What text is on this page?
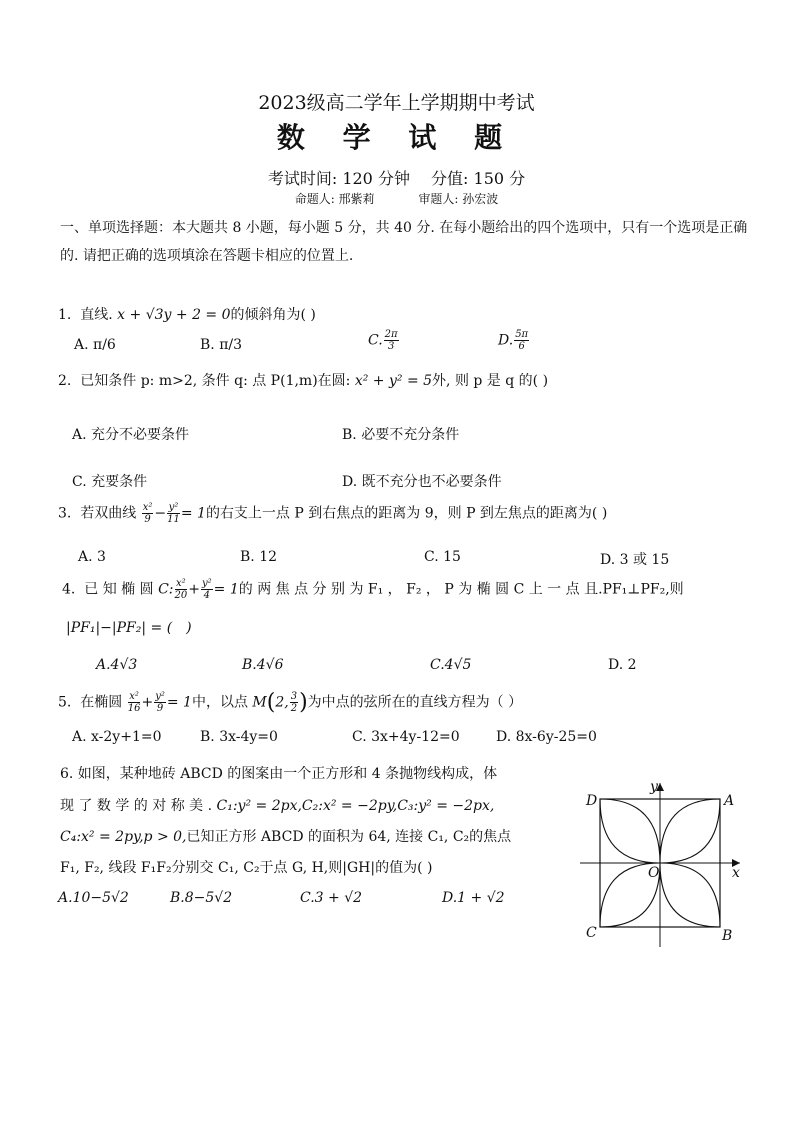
2023级高二学年上学期期中考试
数 学 试 题
考试时间: 120 分钟　 分值: 150 分
命题人: 邢紫莉	审题人: 孙宏波
一、单项选择题：本大题共 8 小题，每小题 5 分，共 40 分. 在每小题给出的四个选项中，只有一个选项是正确的. 请把正确的选项填涂在答题卡相应的位置上.
1. 直线. x + √3y + 2 = 0的倾斜角为( )
A. π/6	B. π/3	C. $\frac{2\pi}{3}$	D. $\frac{5\pi}{6}$
2. 已知条件 p: m>2, 条件 q: 点 P(1,m)在圆: x² + y² = 5外, 则 p 是 q 的( )
A. 充分不必要条件	B. 必要不充分条件
C. 充要条件	D. 既不充分也不必要条件
3. 若双曲线 $\frac{\text{x²}}{9} - \frac{\text{y²}}{11} = 1$的右支上一点 P 到右焦点的距离为 9，则 P 到左焦点的距离为( )
A. 3	B. 12	C. 15	D. 3 或 15
4. 已 知 椭 圆 C: $\frac{\text{x²}}{20} + \frac{\text{y²}}{4} = 1$的 两 焦 点 分 别 为 F₁ ， F₂ ， P 为 椭 圆 C 上 一 点 且.PF₁⊥PF₂,则
|PF₁|−|PF₂| = (　)
A.4√3	B.4√6	C.4√5	D. 2
5. 在椭圆 $\frac{\text{x²}}{16} + \frac{\text{y²}}{9} = 1$中，以点 M(2, $\frac{3}{2}$ )为中点的弦所在的直线方程为（ ）
A. x-2y+1=0	B. 3x-4y=0	C. 3x+4y-12=0	D. 8x-6y-25=0
6. 如图，某种地砖 ABCD 的图案由一个正方形和 4 条抛物线构成，体
现 了 数 学 的 对 称 美 . C₁:y² = 2px,C₂:x² = −2py,C₃:y² = −2px,
C₄:x² = 2py,p > 0,已知正方形 ABCD 的面积为 64, 连接 C₁, C₂的焦点
F₁, F₂, 线段 F₁F₂分别交 C₁, C₂于点 G, H,则|GH|的值为( )
A.10−5√2	B.8−5√2	C.3 + √2	D.1 + √2
y
x
O
A
B
C
D
